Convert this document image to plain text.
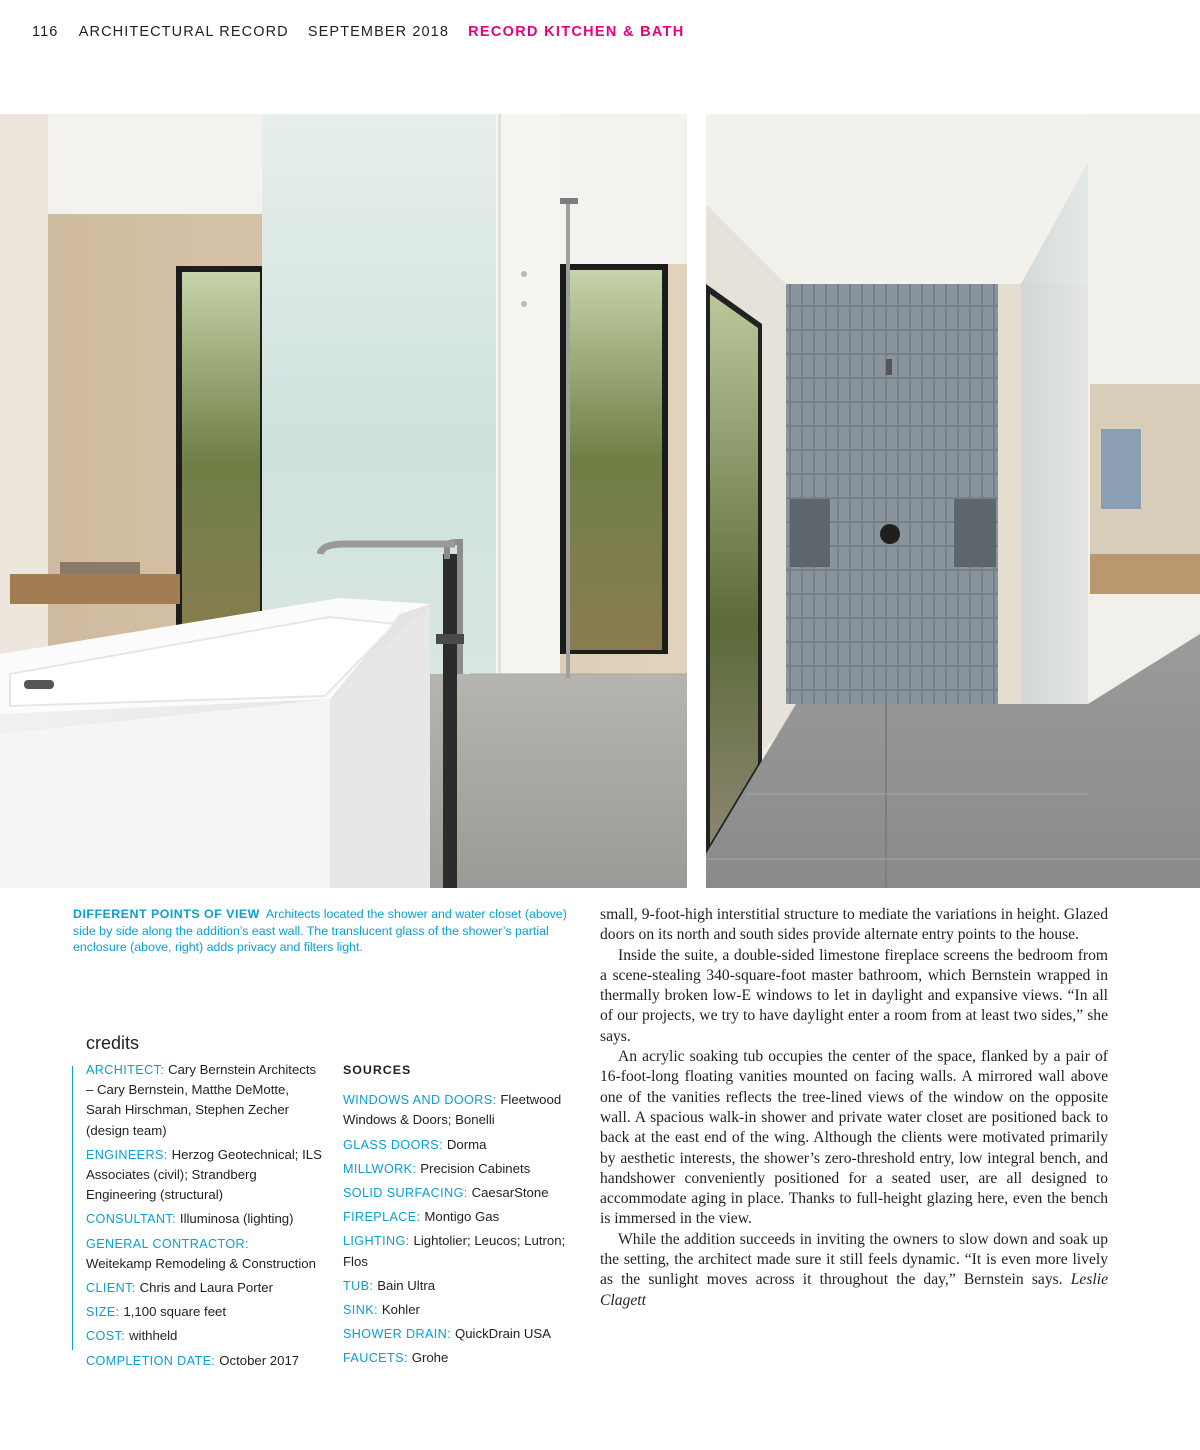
116 ARCHITECTURAL RECORD SEPTEMBER 2018 RECORD KITCHEN & BATH
DIFFERENT POINTS OF VIEW Architects located the shower and water closet (above) side by side along the addition’s east wall. The translucent glass of the shower’s partial enclosure (above, right) adds privacy and filters light.
credits
ARCHITECT: Cary Bernstein Architects – Cary Bernstein, Matthe DeMotte, Sarah Hirschman, Stephen Zecher (design team)
ENGINEERS: Herzog Geotechnical; ILS Associates (civil); Strandberg Engineering (structural)
CONSULTANT: Illuminosa (lighting)
GENERAL CONTRACTOR:
Weitekamp Remodeling & Construction
CLIENT: Chris and Laura Porter
SIZE: 1,100 square feet
COST: withheld
COMPLETION DATE: October 2017
SOURCES
WINDOWS AND DOORS: Fleetwood Windows & Doors; Bonelli
GLASS DOORS: Dorma
MILLWORK: Precision Cabinets
SOLID SURFACING: CaesarStone
FIREPLACE: Montigo Gas
LIGHTING: Lightolier; Leucos; Lutron; Flos
TUB: Bain Ultra
SINK: Kohler
SHOWER DRAIN: QuickDrain USA
FAUCETS: Grohe

small, 9-foot-high interstitial structure to mediate the variations in height. Glazed doors on its north and south sides provide alternate entry points to the house.

Inside the suite, a double-sided limestone fireplace screens the bedroom from a scene-stealing 340-square-foot master bathroom, which Bernstein wrapped in thermally broken low-E windows to let in daylight and expansive views. “In all of our projects, we try to have daylight enter a room from at least two sides,” she says.

An acrylic soaking tub occupies the center of the space, flanked by a pair of 16-foot-long floating vanities mounted on facing walls. A mirrored wall above one of the vanities reflects the tree-lined views of the window on the opposite wall. A spacious walk-in shower and private water closet are positioned back to back at the east end of the wing. Although the clients were motivated primarily by aesthetic interests, the shower’s zero-threshold entry, low integral bench, and handshower conveniently positioned for a seated user, are all designed to accommodate aging in place. Thanks to full-height glazing here, even the bench is immersed in the view.

While the addition succeeds in inviting the owners to slow down and soak up the setting, the architect made sure it still feels dynamic. “It is even more lively as the sunlight moves across it throughout the day,” Bernstein says. Leslie Clagett
